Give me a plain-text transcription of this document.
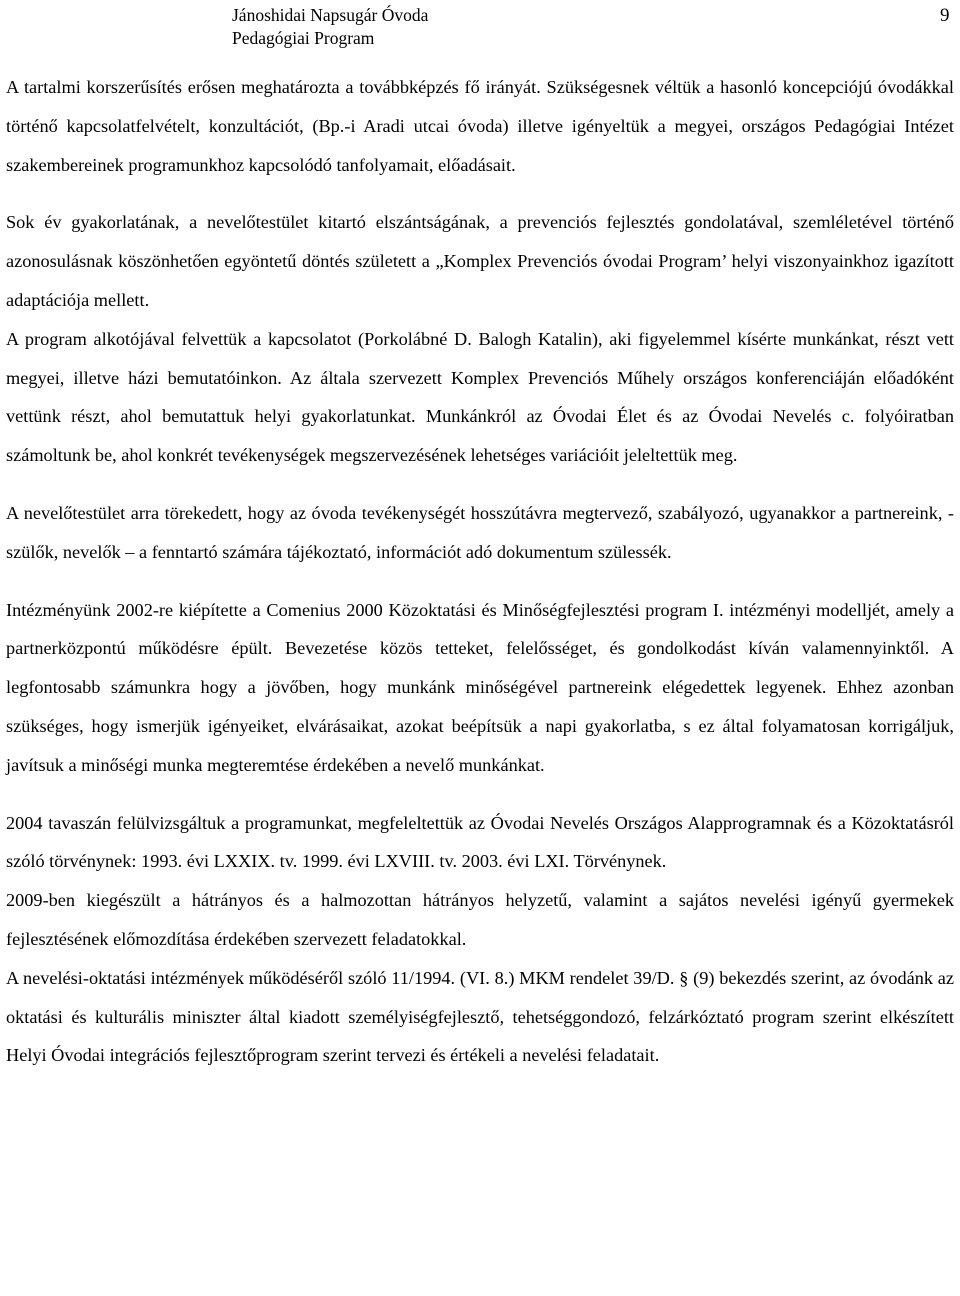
Jánoshidai Napsugár Óvoda
Pedagógiai Program
9

A tartalmi korszerűsítés erősen meghatározta a továbbképzés fő irányát. Szükségesnek véltük a hasonló koncepciójú óvodákkal történő kapcsolatfelvételt, konzultációt, (Bp.-i Aradi utcai óvoda) illetve igényeltük a megyei, országos Pedagógiai Intézet szakembereinek programunkhoz kapcsolódó tanfolyamait, előadásait.

Sok év gyakorlatának, a nevelőtestület kitartó elszántságának, a prevenciós fejlesztés gondolatával, szemléletével történő azonosulásnak köszönhetően egyöntetű döntés született a „Komplex Prevenciós óvodai Program’ helyi viszonyainkhoz igazított adaptációja mellett.

A program alkotójával felvettük a kapcsolatot (Porkolábné D. Balogh Katalin), aki figyelemmel kísérte munkánkat, részt vett megyei, illetve házi bemutatóinkon. Az általa szervezett Komplex Prevenciós Műhely országos konferenciáján előadóként vettünk részt, ahol bemutattuk helyi gyakorlatunkat. Munkánkról az Óvodai Élet és az Óvodai Nevelés c. folyóiratban számoltunk be, ahol konkrét tevékenységek megszervezésének lehetséges variációit jeleltettük meg.

A nevelőtestület arra törekedett, hogy az óvoda tevékenységét hosszútávra megtervező, szabályozó, ugyanakkor a partnereink, - szülők, nevelők – a fenntartó számára tájékoztató, információt adó dokumentum szülessék.

Intézményünk 2002-re kiépítette a Comenius 2000 Közoktatási és Minőségfejlesztési program I. intézményi modelljét, amely a partnerközpontú működésre épült. Bevezetése közös tetteket, felelősséget, és gondolkodást kíván valamennyinktől. A legfontosabb számunkra hogy a jövőben, hogy munkánk minőségével partnereink elégedettek legyenek. Ehhez azonban szükséges, hogy ismerjük igényeiket, elvárásaikat, azokat beépítsük a napi gyakorlatba, s ez által folyamatosan korrigáljuk, javítsuk a minőségi munka megteremtése érdekében a nevelő munkánkat.

2004 tavaszán felülvizsgáltuk a programunkat, megfeleltettük az Óvodai Nevelés Országos Alapprogramnak és a Közoktatásról szóló törvénynek: 1993. évi LXXIX. tv. 1999. évi LXVIII. tv. 2003. évi LXI. Törvénynek.

2009-ben kiegészült a hátrányos és a halmozottan hátrányos helyzetű, valamint a sajátos nevelési igényű gyermekek fejlesztésének előmozdítása érdekében szervezett feladatokkal.

A nevelési-oktatási intézmények működéséről szóló 11/1994. (VI. 8.) MKM rendelet 39/D. § (9) bekezdés szerint, az óvodánk az oktatási és kulturális miniszter által kiadott személyiségfejlesztő, tehetséggondozó, felzárkóztató program szerint elkészített Helyi Óvodai integrációs fejlesztőprogram szerint tervezi és értékeli a nevelési feladatait.
